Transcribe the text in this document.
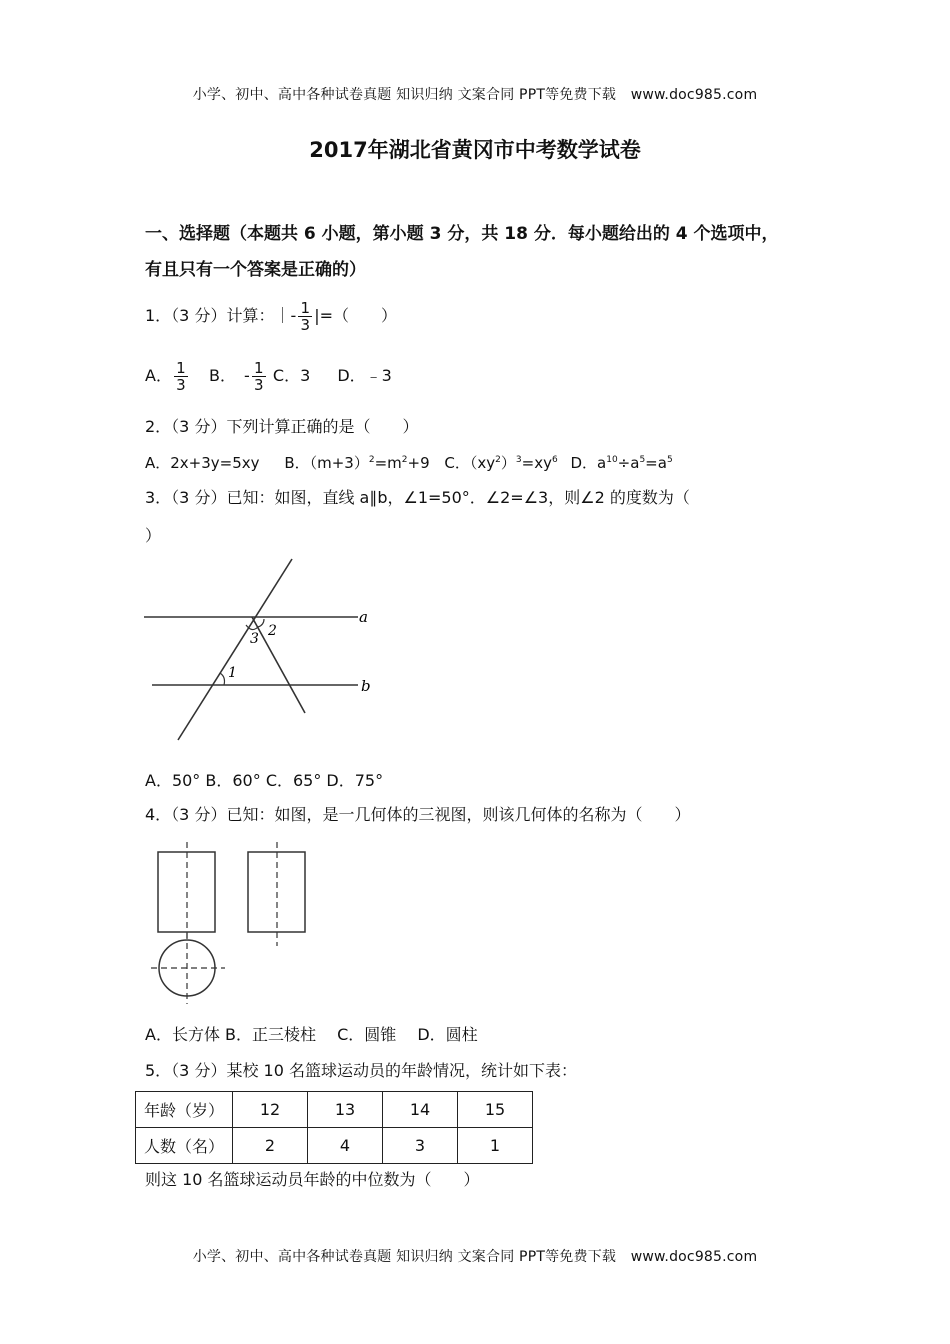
小学、初中、高中各种试卷真题 知识归纳 文案合同 PPT等免费下载 www.doc985.com
2017年湖北省黄冈市中考数学试卷
一、选择题（本题共 6 小题，第小题 3 分，共 18 分．每小题给出的 4 个选项中，
有且只有一个答案是正确的）
1．（3 分）计算：｜- $\frac{1}{3}$ |=（　　）
A． $\frac{1}{3}$ B． - $\frac{1}{3}$ C．3 D．﹣3
2．（3 分）下列计算正确的是（　　）
A．2x+3y=5xy B．$(m+3)^2=m^2+9$ C．$(xy^2)^3=xy^6$ D．$a^{10}\div a^5=a^5$
3．（3 分）已知：如图，直线 a∥b，∠1=50°．∠2=∠3，则∠2 的度数为（
）
a
b
1
2
3
A．50° B．60° C．65° D．75°
4．（3 分）已知：如图，是一几何体的三视图，则该几何体的名称为（　　）
A．长方体 B．正三棱柱　 C．圆锥　 D．圆柱
5．（3 分）某校 10 名篮球运动员的年龄情况，统计如下表：
年龄（岁）	12	13	14	15
人数（名）	2	4	3	1
则这 10 名篮球运动员年龄的中位数为（　　）
小学、初中、高中各种试卷真题 知识归纳 文案合同 PPT等免费下载 www.doc985.com
